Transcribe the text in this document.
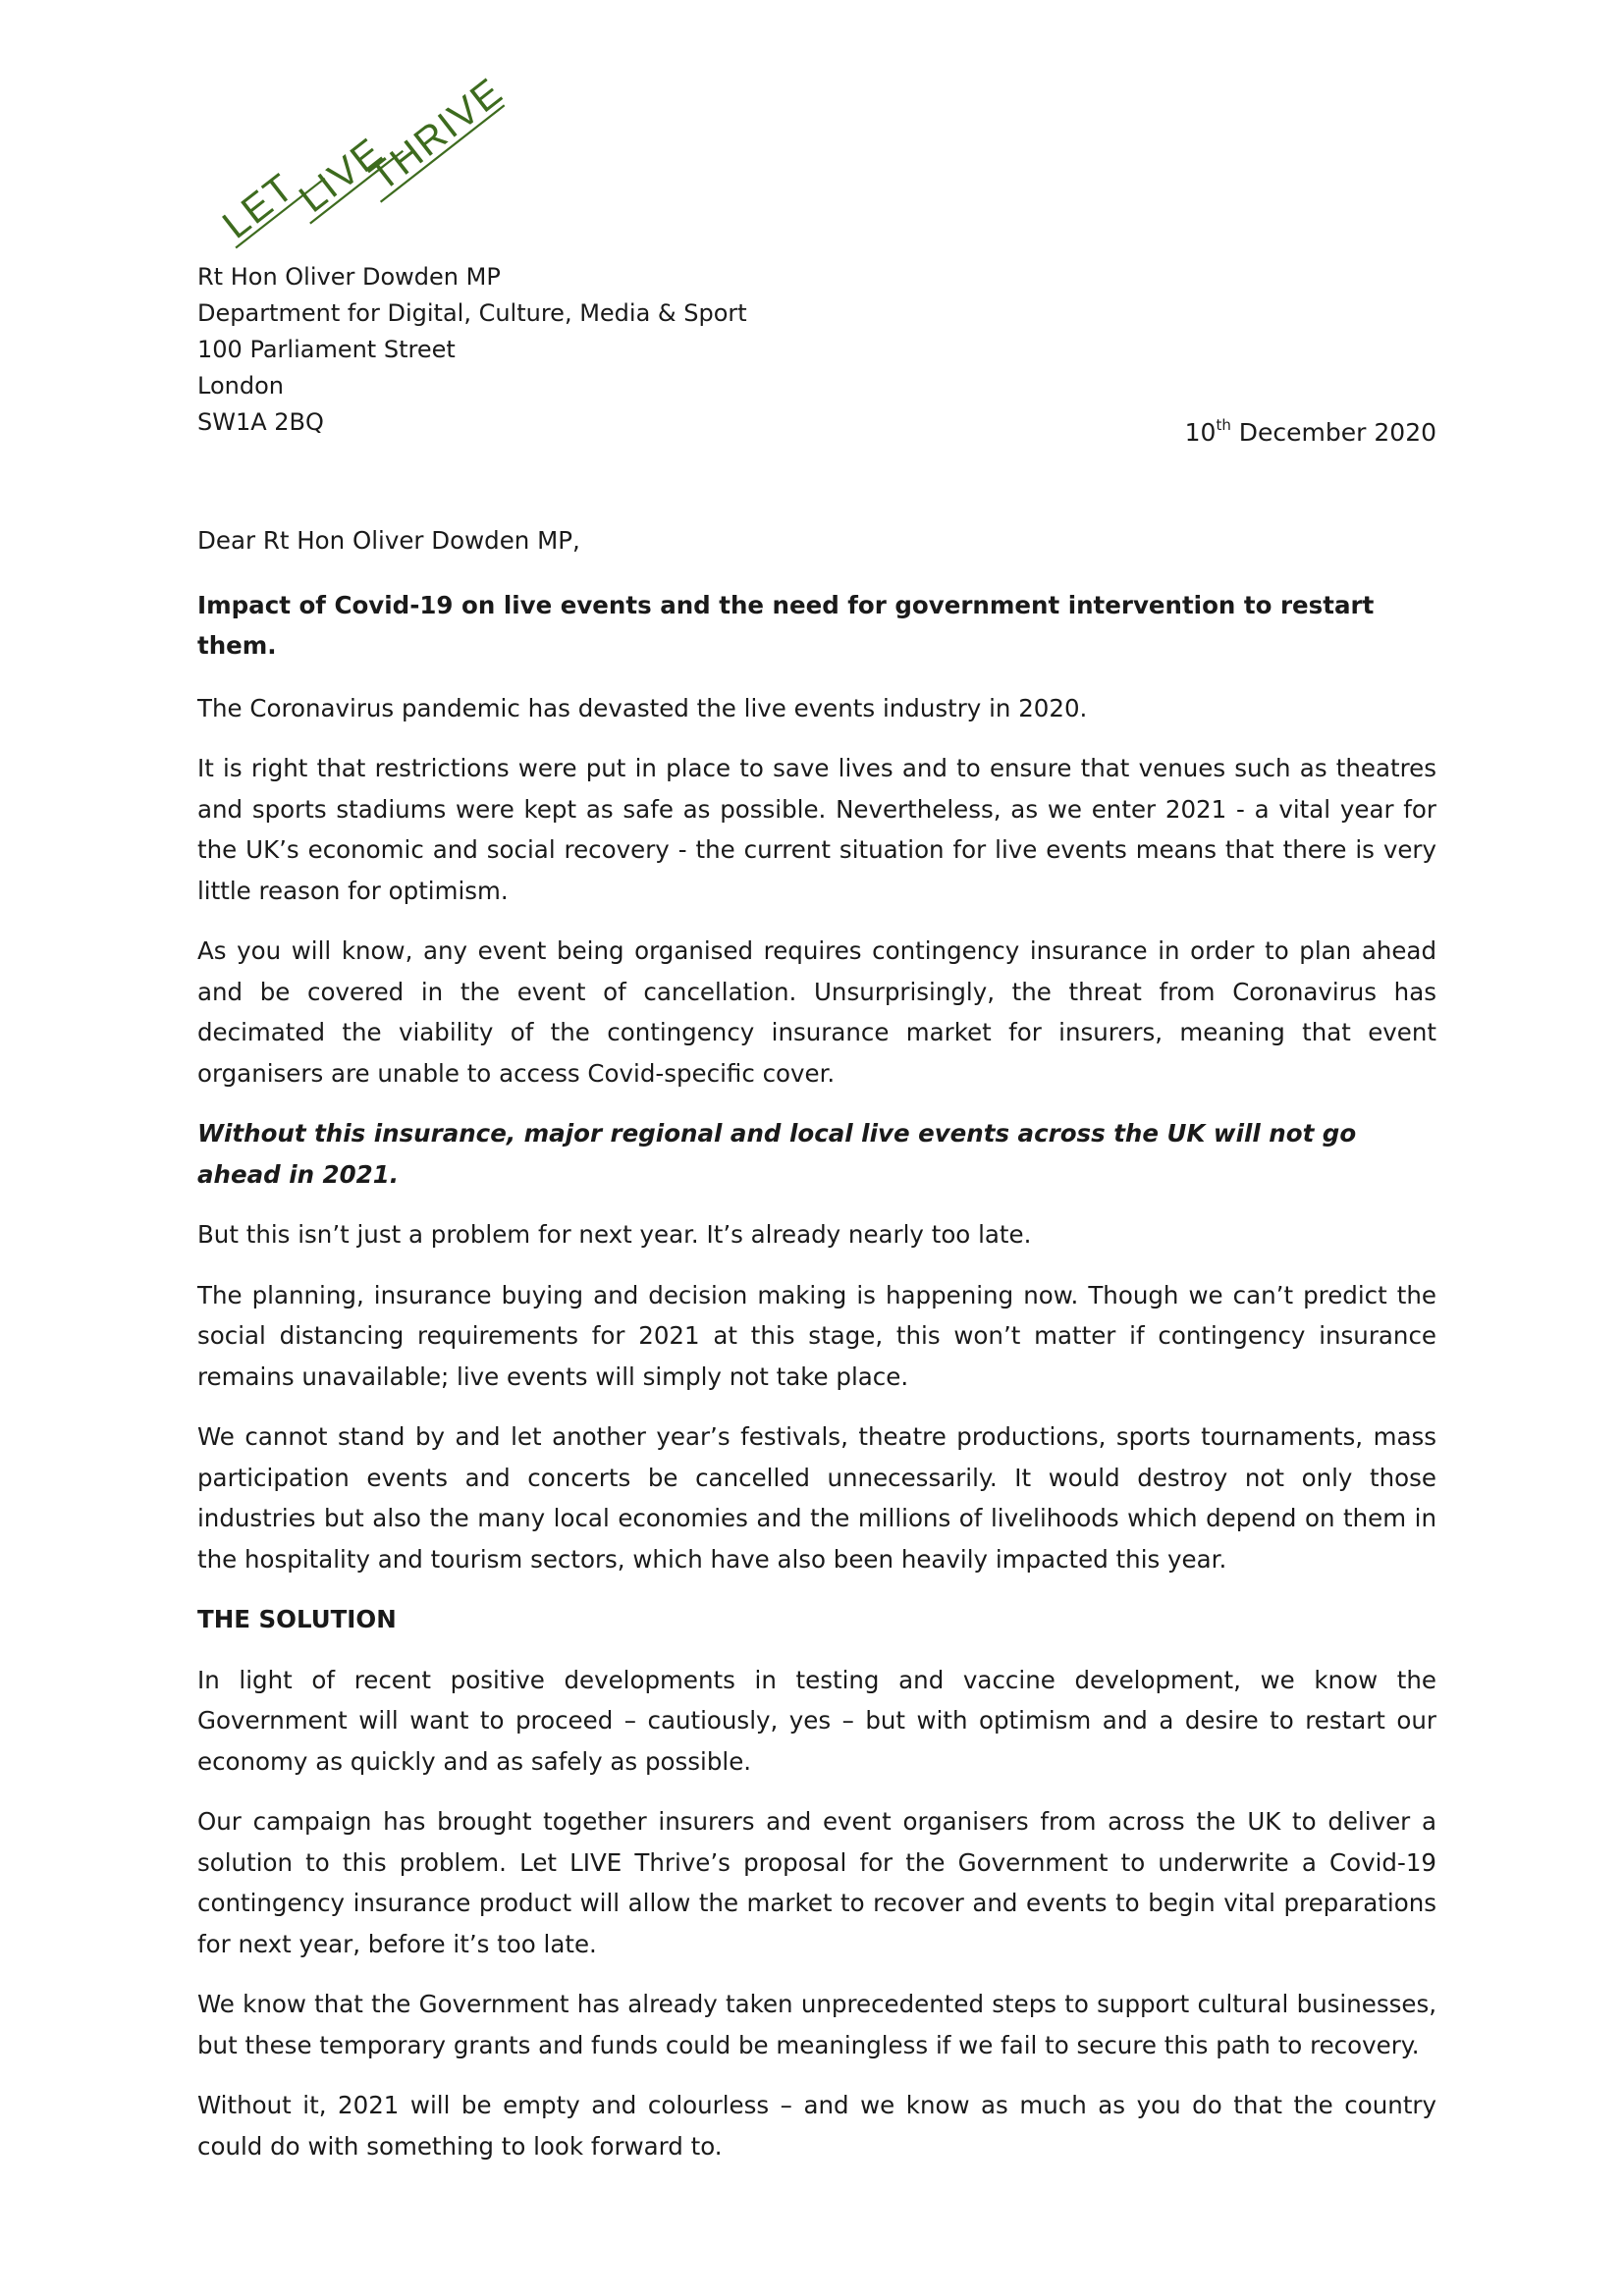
LET
LIVE
THRIVE
Rt Hon Oliver Dowden MP
Department for Digital, Culture, Media & Sport
100 Parliament Street
London
SW1A 2BQ	10th December 2020

Dear Rt Hon Oliver Dowden MP,

Impact of Covid-19 on live events and the need for government intervention to restart them.

The Coronavirus pandemic has devasted the live events industry in 2020.

It is right that restrictions were put in place to save lives and to ensure that venues such as theatres and sports stadiums were kept as safe as possible. Nevertheless, as we enter 2021 - a vital year for the UK’s economic and social recovery - the current situation for live events means that there is very little reason for optimism.

As you will know, any event being organised requires contingency insurance in order to plan ahead and be covered in the event of cancellation. Unsurprisingly, the threat from Coronavirus has decimated the viability of the contingency insurance market for insurers, meaning that event organisers are unable to access Covid-specific cover.

Without this insurance, major regional and local live events across the UK will not go ahead in 2021.

But this isn’t just a problem for next year. It’s already nearly too late.

The planning, insurance buying and decision making is happening now. Though we can’t predict the social distancing requirements for 2021 at this stage, this won’t matter if contingency insurance remains unavailable; live events will simply not take place.

We cannot stand by and let another year’s festivals, theatre productions, sports tournaments, mass participation events and concerts be cancelled unnecessarily. It would destroy not only those industries but also the many local economies and the millions of livelihoods which depend on them in the hospitality and tourism sectors, which have also been heavily impacted this year.

THE SOLUTION

In light of recent positive developments in testing and vaccine development, we know the Government will want to proceed – cautiously, yes – but with optimism and a desire to restart our economy as quickly and as safely as possible.

Our campaign has brought together insurers and event organisers from across the UK to deliver a solution to this problem. Let LIVE Thrive’s proposal for the Government to underwrite a Covid-19 contingency insurance product will allow the market to recover and events to begin vital preparations for next year, before it’s too late.

We know that the Government has already taken unprecedented steps to support cultural businesses, but these temporary grants and funds could be meaningless if we fail to secure this path to recovery.

Without it, 2021 will be empty and colourless – and we know as much as you do that the country could do with something to look forward to.
